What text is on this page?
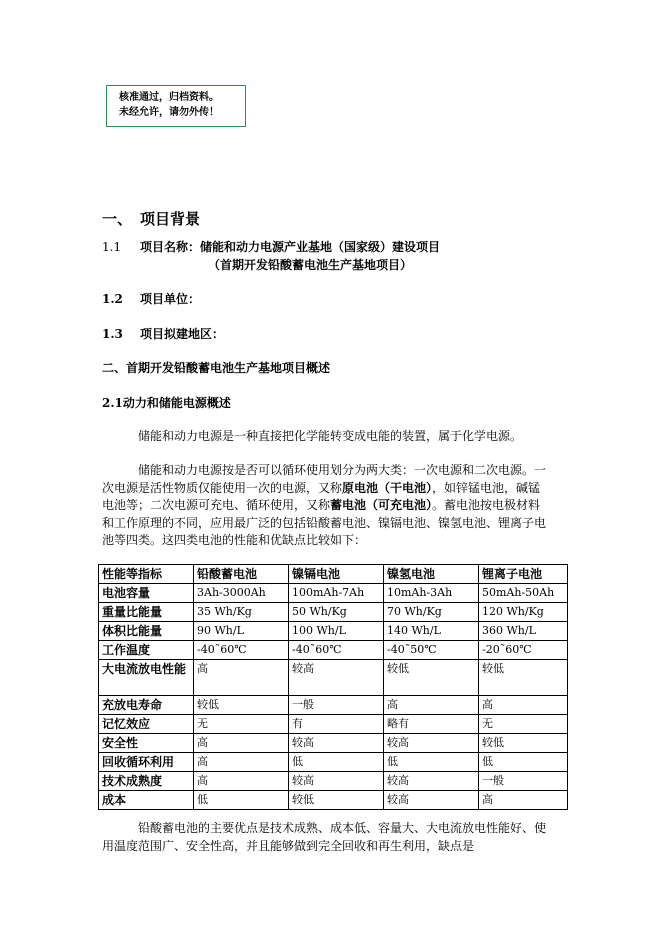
核准通过，归档资料。
未经允许，请勿外传！
一、 项目背景
1.1 项目名称：储能和动力电源产业基地（国家级）建设项目
（首期开发铅酸蓄电池生产基地项目）
1.2 项目单位：
1.3 项目拟建地区：
二、首期开发铅酸蓄电池生产基地项目概述
2.1动力和储能电源概述
储能和动力电源是一种直接把化学能转变成电能的装置，属于化学电源。
储能和动力电源按是否可以循环使用划分为两大类：一次电源和二次电源。一次电源是活性物质仅能使用一次的电源，又称原电池（干电池），如锌锰电池，碱锰电池等；二次电源可充电、循环使用，又称蓄电池（可充电池）。蓄电池按电极材料和工作原理的不同，应用最广泛的包括铅酸蓄电池、镍镉电池、镍氢电池、锂离子电池等四类。这四类电池的性能和优缺点比较如下：
性能等指标	铅酸蓄电池	镍镉电池	镍氢电池	锂离子电池
电池容量	3Ah-3000Ah	100mAh-7Ah	10mAh-3Ah	50mAh-50Ah
重量比能量	35 Wh/Kg	50 Wh/Kg	70 Wh/Kg	120 Wh/Kg
体积比能量	90 Wh/L	100 Wh/L	140 Wh/L	360 Wh/L
工作温度	-40˜60℃	-40˜60℃	-40˜50℃	-20˜60℃
大电流放电性能	高	较高	较低	较低
充放电寿命	较低	一般	高	高
记忆效应	无	有	略有	无
安全性	高	较高	较高	较低
回收循环利用	高	低	低	低
技术成熟度	高	较高	较高	一般
成本	低	较低	较高	高
铅酸蓄电池的主要优点是技术成熟、成本低、容量大、大电流放电性能好、使用温度范围广、安全性高，并且能够做到完全回收和再生利用，缺点是
